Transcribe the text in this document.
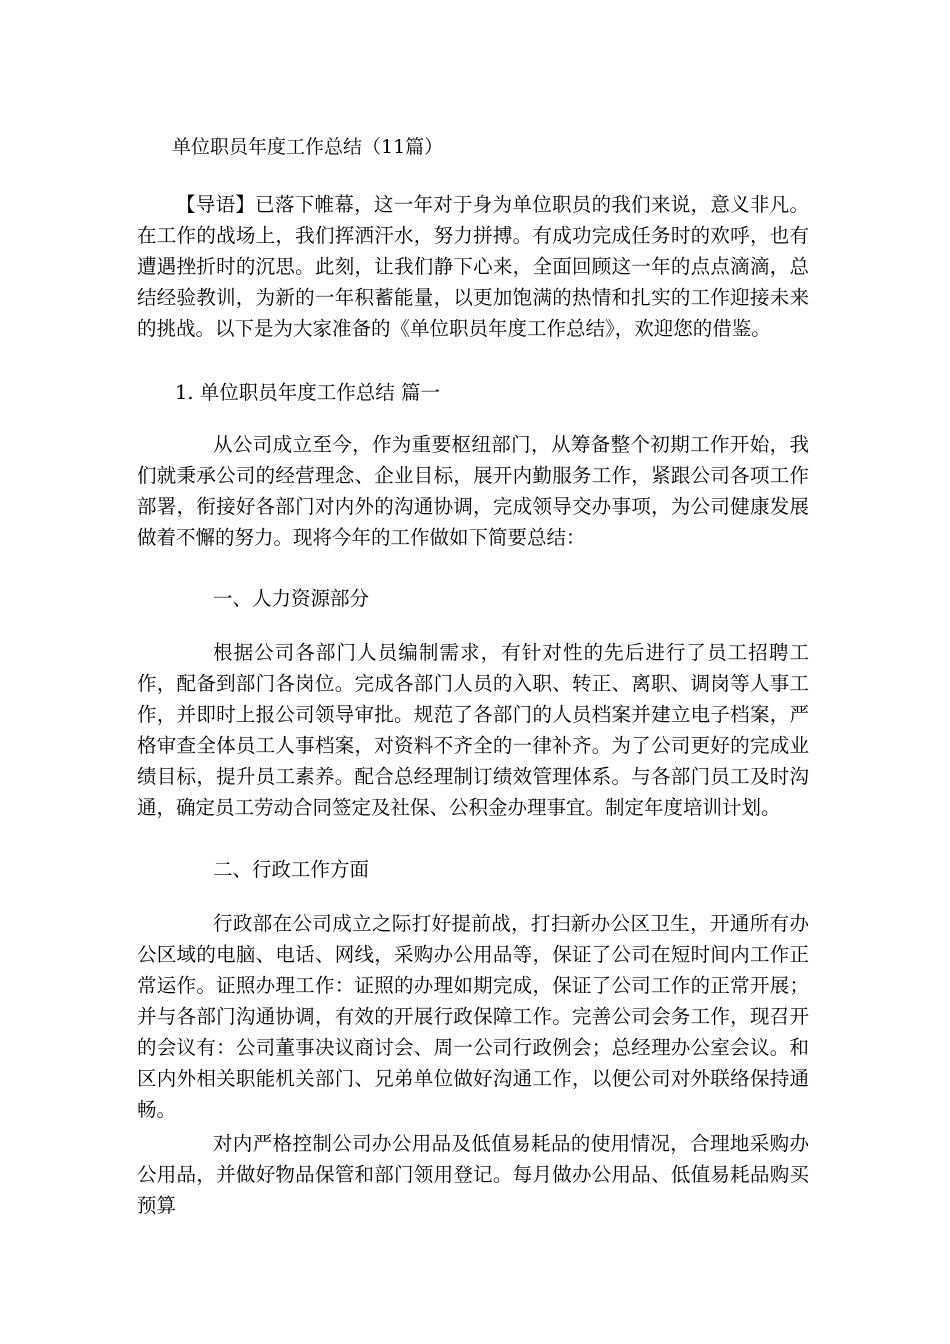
单位职员年度工作总结（11篇）
【导语】已落下帷幕，这一年对于身为单位职员的我们来说，意义非凡。在工作的战场上，我们挥洒汗水，努力拼搏。有成功完成任务时的欢呼，也有遭遇挫折时的沉思。此刻，让我们静下心来，全面回顾这一年的点点滴滴，总结经验教训，为新的一年积蓄能量，以更加饱满的热情和扎实的工作迎接未来的挑战。以下是为大家准备的《单位职员年度工作总结》，欢迎您的借鉴。
1. 单位职员年度工作总结 篇一
从公司成立至今，作为重要枢纽部门，从筹备整个初期工作开始，我们就秉承公司的经营理念、企业目标，展开内勤服务工作，紧跟公司各项工作部署，衔接好各部门对内外的沟通协调，完成领导交办事项，为公司健康发展做着不懈的努力。现将今年的工作做如下简要总结：
一、人力资源部分
根据公司各部门人员编制需求，有针对性的先后进行了员工招聘工作，配备到部门各岗位。完成各部门人员的入职、转正、离职、调岗等人事工作，并即时上报公司领导审批。规范了各部门的人员档案并建立电子档案，严格审查全体员工人事档案，对资料不齐全的一律补齐。为了公司更好的完成业绩目标，提升员工素养。配合总经理制订绩效管理体系。与各部门员工及时沟通，确定员工劳动合同签定及社保、公积金办理事宜。制定年度培训计划。
二、行政工作方面
行政部在公司成立之际打好提前战，打扫新办公区卫生，开通所有办公区域的电脑、电话、网线，采购办公用品等，保证了公司在短时间内工作正常运作。证照办理工作：证照的办理如期完成，保证了公司工作的正常开展；并与各部门沟通协调，有效的开展行政保障工作。完善公司会务工作，现召开的会议有：公司董事决议商讨会、周一公司行政例会；总经理办公室会议。和区内外相关职能机关部门、兄弟单位做好沟通工作，以便公司对外联络保持通畅。
对内严格控制公司办公用品及低值易耗品的使用情况，合理地采购办公用品，并做好物品保管和部门领用登记。每月做办公用品、低值易耗品购买预算
